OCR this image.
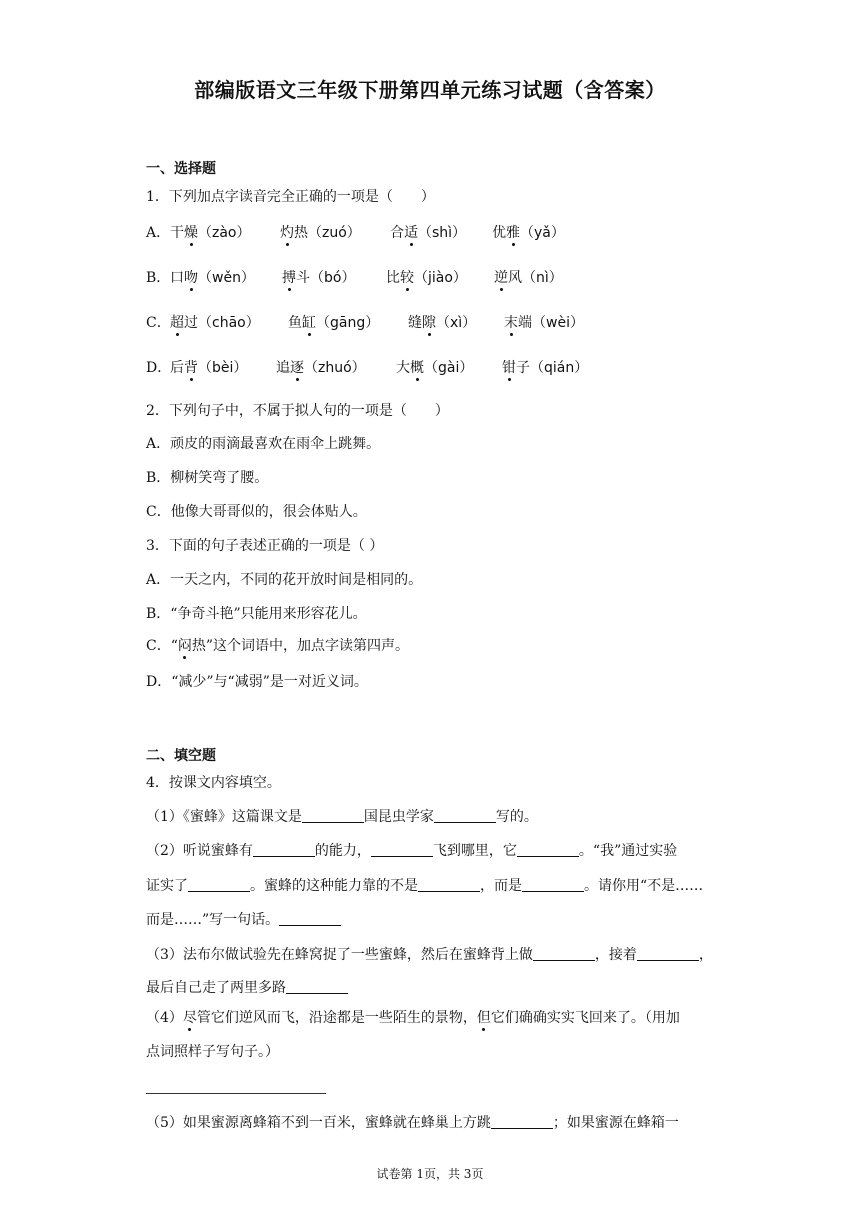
部编版语文三年级下册第四单元练习试题（含答案）
一、选择题
1．下列加点字读音完全正确的一项是（　　）
A． 干燥（zào） 灼热（zuó） 合适（shì） 优雅（yǎ）
B． 口吻（wěn） 搏斗（bó） 比较（jiào） 逆风（nì）
C． 超过（chāo） 鱼缸（gāng） 缝隙（xì） 末端（wèi）
D．
后背（bèi） 追逐（zhuó） 大概（gài） 钳子（qián）
2．下列句子中，不属于拟人句的一项是（　　）
A．顽皮的雨滴最喜欢在雨伞上跳舞。
B．柳树笑弯了腰。
C．他像大哥哥似的，很会体贴人。
3．下面的句子表述正确的一项是（ ）
A．一天之内，不同的花开放时间是相同的。
B．“争奇斗艳”只能用来形容花儿。
C．“闷热”这个词语中，加点字读第四声。
D．“减少”与“减弱”是一对近义词。
二、填空题
4．按课文内容填空。
（1）《蜜蜂》这篇课文是	国昆虫学家	写的。
（2）听说蜜蜂有	的能力，	飞到哪里，它	。“我”通过实验
证实了	。蜜蜂的这种能力靠的不是	，而是	。请你用“不是……
而是……”写一句话。
（3）法布尔做试验先在蜂窝捉了一些蜜蜂，然后在蜜蜂背上做	，接着	，
最后自己走了两里多路
（4）尽管它们逆风而飞，沿途都是一些陌生的景物，但它们确确实实飞回来了。（用加
点词照样子写句子。）
（5）如果蜜源离蜂箱不到一百米，蜜蜂就在蜂巢上方跳	；如果蜜源在蜂箱一
试卷第 1页，共 3页
